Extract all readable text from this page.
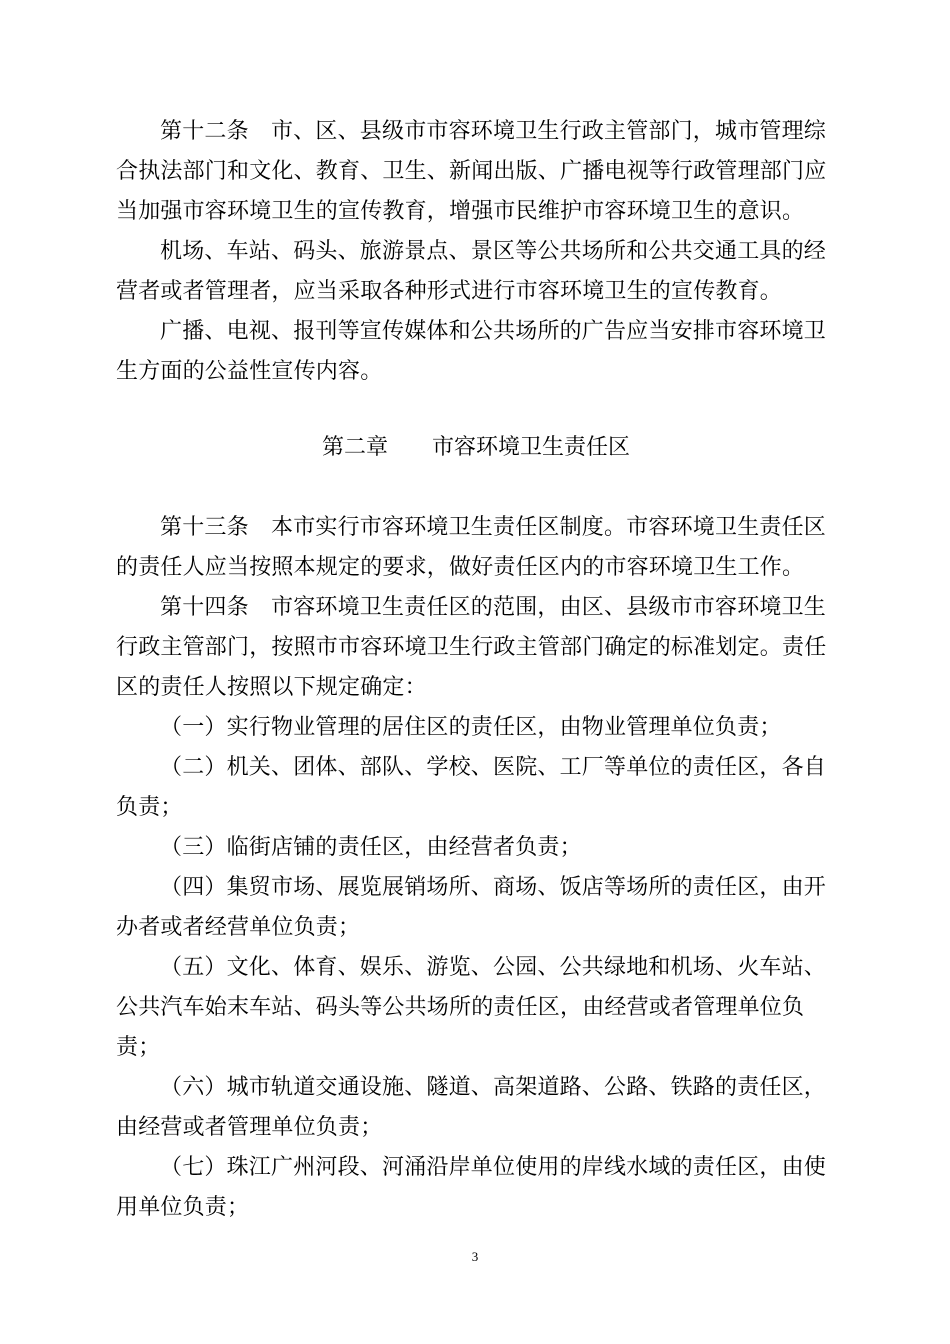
第十二条　市、区、县级市市容环境卫生行政主管部门，城市管理综合执法部门和文化、教育、卫生、新闻出版、广播电视等行政管理部门应当加强市容环境卫生的宣传教育，增强市民维护市容环境卫生的意识。

机场、车站、码头、旅游景点、景区等公共场所和公共交通工具的经营者或者管理者，应当采取各种形式进行市容环境卫生的宣传教育。

广播、电视、报刊等宣传媒体和公共场所的广告应当安排市容环境卫生方面的公益性宣传内容。

第二章　　市容环境卫生责任区

第十三条　本市实行市容环境卫生责任区制度。市容环境卫生责任区的责任人应当按照本规定的要求，做好责任区内的市容环境卫生工作。

第十四条　市容环境卫生责任区的范围，由区、县级市市容环境卫生行政主管部门，按照市市容环境卫生行政主管部门确定的标准划定。责任区的责任人按照以下规定确定：

（一）实行物业管理的居住区的责任区，由物业管理单位负责；

（二）机关、团体、部队、学校、医院、工厂等单位的责任区，各自负责；

（三）临街店铺的责任区，由经营者负责；

（四）集贸市场、展览展销场所、商场、饭店等场所的责任区，由开办者或者经营单位负责；

（五）文化、体育、娱乐、游览、公园、公共绿地和机场、火车站、公共汽车始末车站、码头等公共场所的责任区，由经营或者管理单位负责；

（六）城市轨道交通设施、隧道、高架道路、公路、铁路的责任区，由经营或者管理单位负责；

（七）珠江广州河段、河涌沿岸单位使用的岸线水域的责任区，由使用单位负责；

3
